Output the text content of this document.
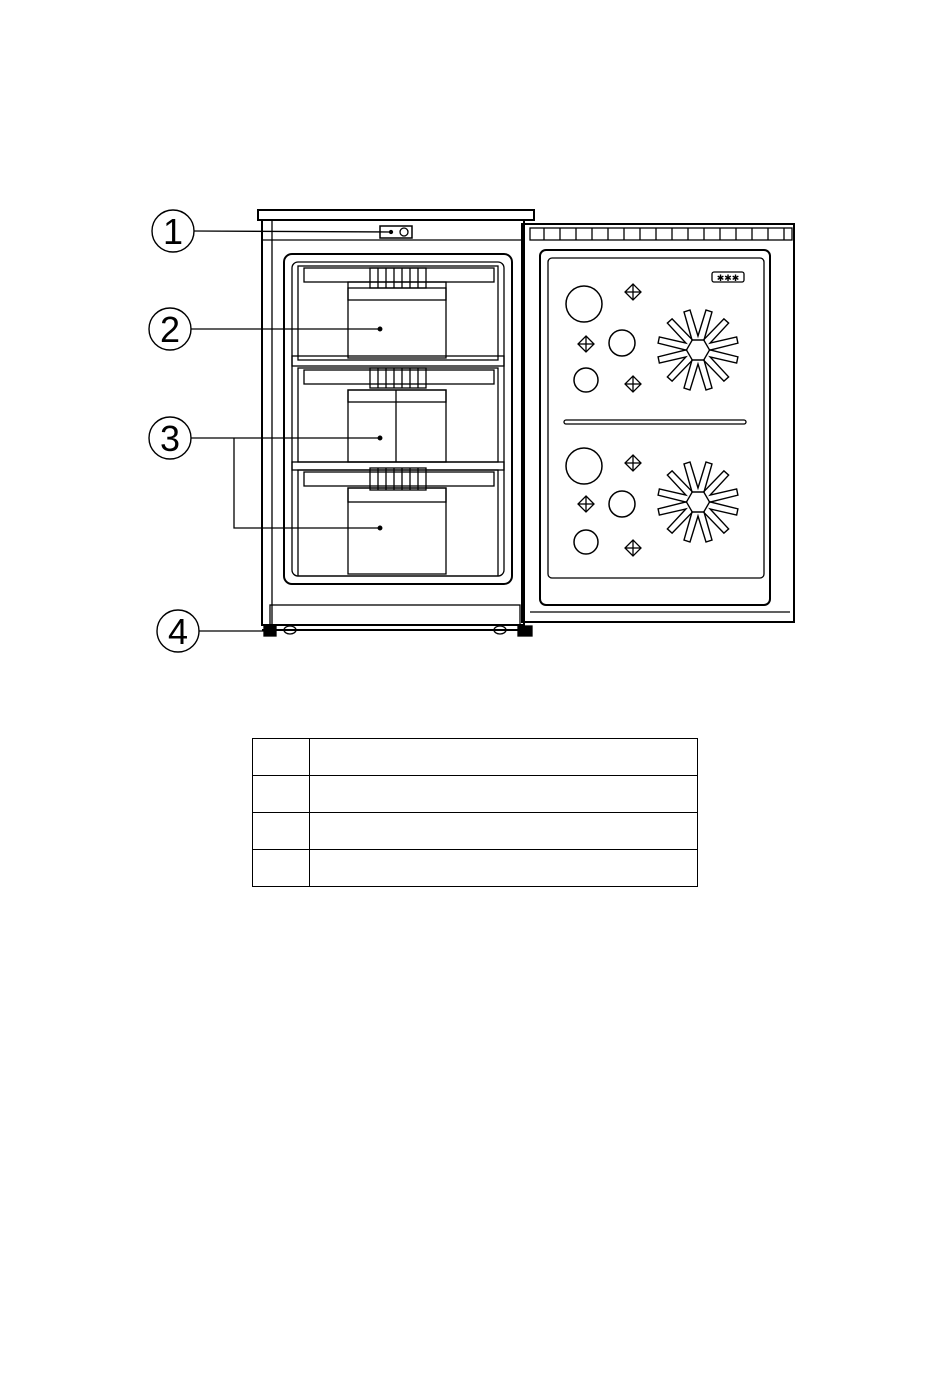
✱✱✱
1
2
3
4
